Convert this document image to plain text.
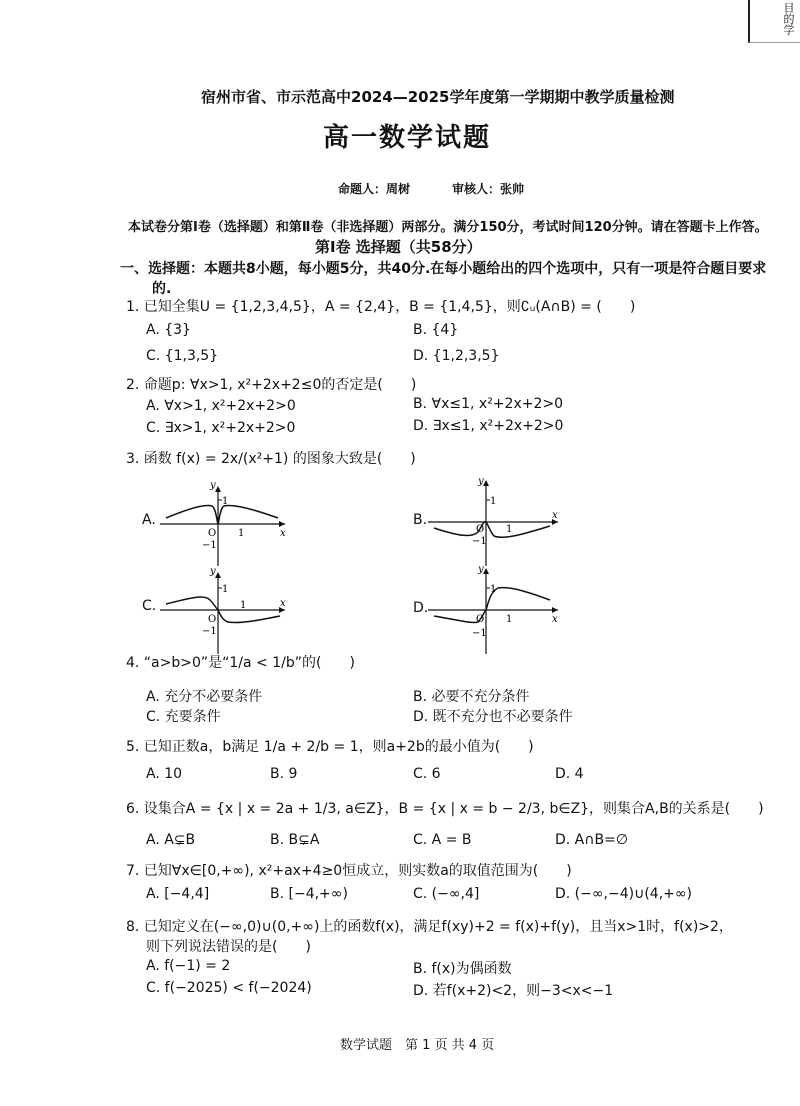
目的学
宿州市省、市示范高中2024—2025学年度第一学期期中教学质量检测
高一数学试题
命题人：周树	审核人：张帅
本试卷分第Ⅰ卷（选择题）和第Ⅱ卷（非选择题）两部分。满分150分，考试时间120分钟。请在答题卡上作答。
第Ⅰ卷 选择题（共58分）
一、选择题：本题共8小题，每小题5分，共40分.在每小题给出的四个选项中，只有一项是符合题目要求
的.
1. 已知全集U = {1,2,3,4,5}，A = {2,4}，B = {1,4,5}，则∁ᵤ(A∩B) = (　　)
A. {3}	B. {4}
C. {1,3,5}	D. {1,2,3,5}
2. 命题p: ∀x>1, x²+2x+2≤0的否定是(　　)
A. ∀x>1, x²+2x+2>0	B. ∀x≤1, x²+2x+2>0
C. ∃x>1, x²+2x+2>0	D. ∃x≤1, x²+2x+2>0
3. 函数 f(x) = 2x/(x²+1) 的图象大致是(　　)
A.	B.
C.	D.
y
x
1
1
O
−1
y
x
1
1
O
−1
y
x
1
1
O
−1
y
x
1
1
O
−1
4. “a>b>0”是“1/a < 1/b”的(　　)
A. 充分不必要条件	B. 必要不充分条件
C. 充要条件	D. 既不充分也不必要条件
5. 已知正数a，b满足 1/a + 2/b = 1，则a+2b的最小值为(　　)
A. 10	B. 9	C. 6	D. 4
6. 设集合A = {x | x = 2a + 1/3, a∈Z}，B = {x | x = b − 2/3, b∈Z}，则集合A,B的关系是(　　)
A. A⊊B	B. B⊊A	C. A = B	D. A∩B=∅
7. 已知∀x∈[0,+∞), x²+ax+4≥0恒成立，则实数a的取值范围为(　　)
A. [−4,4]	B. [−4,+∞)	C. (−∞,4]	D. (−∞,−4)∪(4,+∞)
8. 已知定义在(−∞,0)∪(0,+∞)上的函数f(x)，满足f(xy)+2 = f(x)+f(y)，且当x>1时，f(x)>2，
则下列说法错误的是(　　)
A. f(−1) = 2	B. f(x)为偶函数
C. f(−2025) < f(−2024)	D. 若f(x+2)<2，则−3<x<−1
数学试题　第 1 页 共 4 页
